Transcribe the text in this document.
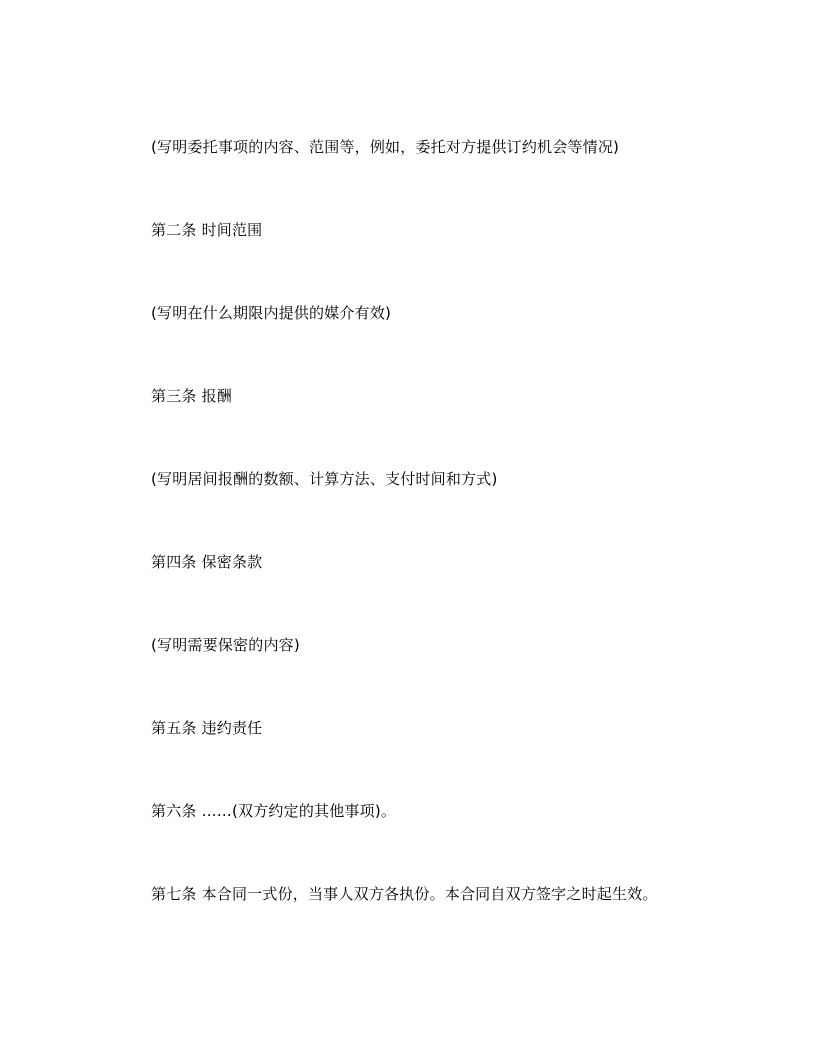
(写明委托事项的内容、范围等，例如，委托对方提供订约机会等情况)
第二条 时间范围
(写明在什么期限内提供的媒介有效)
第三条 报酬
(写明居间报酬的数额、计算方法、支付时间和方式)
第四条 保密条款
(写明需要保密的内容)
第五条 违约责任
第六条 ……(双方约定的其他事项)。
第七条 本合同一式份，当事人双方各执份。本合同自双方签字之时起生效。
